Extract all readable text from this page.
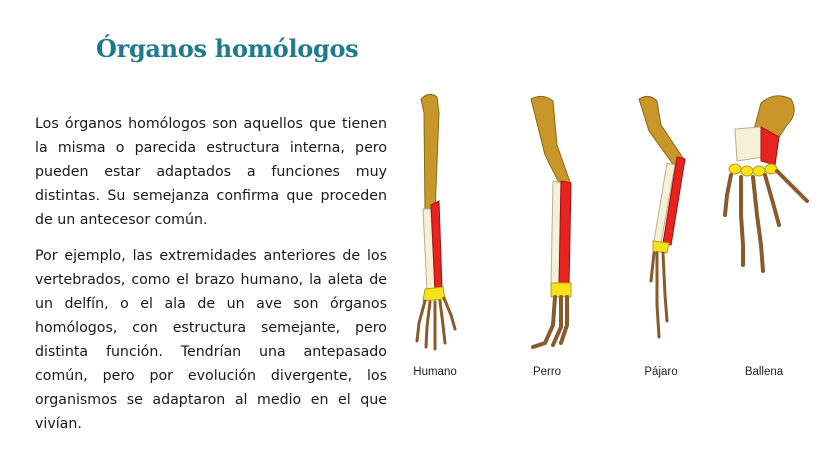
Órganos homólogos

Los órganos homólogos son aquellos que tienen la misma o parecida estructura interna, pero pueden estar adaptados a funciones muy distintas. Su semejanza confirma que proceden de un antecesor común.

Por ejemplo, las extremidades anteriores de los vertebrados, como el brazo humano, la aleta de un delfín, o el ala de un ave son órganos homólogos, con estructura semejante, pero distinta función. Tendrían una antepasado común, pero por evolución divergente, los organismos se adaptaron al medio en el que vivían.

Humano	Perro	Pájaro	Ballena
